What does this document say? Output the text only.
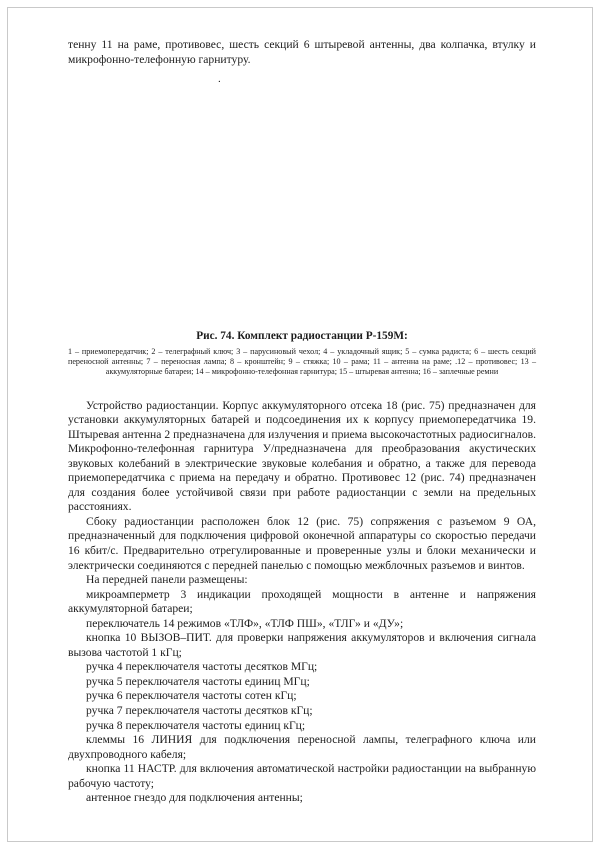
тенну 11 на раме, противовес, шесть секций 6 штыревой антенны, два колпачка, втулку и микрофонно-телефонную гарнитуру.

.

Рис. 74. Комплект радиостанции Р-159М:

1 – приемопередатчик; 2 – телеграфный ключ; 3 – парусиновый чехол; 4 – укладочный ящик; 5 – сумка радиста; 6 – шесть секций переносной антенны; 7 – переносная лампа; 8 – кронштейн; 9 – стяжка; 10 – рама; 11 – антенна на раме; .12 – противовес; 13 – аккумуляторные батареи; 14 – микрофонно-телефонная гарнитура; 15 – штыревая антенна; 16 – заплечные ремни

Устройство радиостанции. Корпус аккумуляторного отсека 18 (рис. 75) предназначен для установки аккумуляторных батарей и подсоединения их к корпусу приемопередатчика 19. Штыревая антенна 2 предназначена для излучения и приема высокочастотных радиосигналов. Микрофонно-телефонная гарнитура У/предназначена для преобразования акустических звуковых колебаний в электрические звуковые колебания и обратно, а также для перевода приемопередатчика с приема на передачу и обратно. Противовес 12 (рис. 74) предназначен для создания более устойчивой связи при работе радиостанции с земли на предельных расстояниях.

Сбоку радиостанции расположен блок 12 (рис. 75) сопряжения с разъемом 9 ОА, предназначенный для подключения цифровой оконечной аппаратуры со скоростью передачи 16 кбит/с. Предварительно отрегулированные и проверенные узлы и блоки механически и электрически соединяются с передней панелью с помощью межблочных разъемов и винтов.

На передней панели размещены:

микроамперметр 3 индикации проходящей мощности в антенне и напряжения аккумуляторной батареи;

переключатель 14 режимов «ТЛФ», «ТЛФ ПШ», «ТЛГ» и «ДУ»;

кнопка 10 ВЫЗОВ–ПИТ. для проверки напряжения аккумуляторов и включения сигнала вызова частотой 1 кГц;

ручка 4 переключателя частоты десятков МГц;

ручка 5 переключателя частоты единиц МГц;

ручка 6 переключателя частоты сотен кГц;

ручка 7 переключателя частоты десятков кГц;

ручка 8 переключателя частоты единиц кГц;

клеммы 16 ЛИНИЯ для подключения переносной лампы, телеграфного ключа или двухпроводного кабеля;

кнопка 11 НАСТР. для включения автоматической настройки радиостанции на выбранную рабочую частоту;

антенное гнездо для подключения антенны;
